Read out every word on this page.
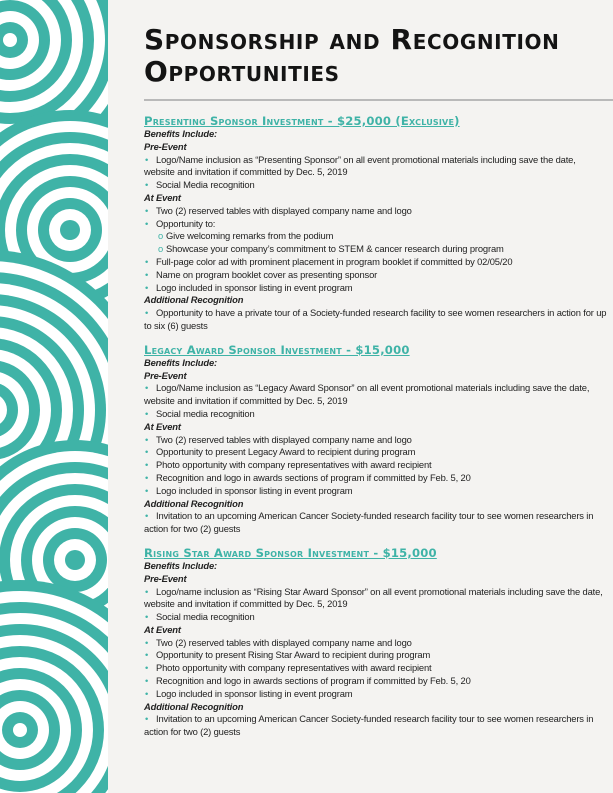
Sponsorship and Recognition Opportunities
Presenting Sponsor Investment - $25,000 (Exclusive)
Benefits Include:
Pre-Event
• Logo/Name inclusion as “Presenting Sponsor” on all event promotional materials including save the date, website and invitation if committed by Dec. 5, 2019
• Social Media recognition
At Event
• Two (2) reserved tables with displayed company name and logo
• Opportunity to:
o Give welcoming remarks from the podium
o Showcase your company’s commitment to STEM & cancer research during program
• Full-page color ad with prominent placement in program booklet if committed by 02/05/20
• Name on program booklet cover as presenting sponsor
• Logo included in sponsor listing in event program
Additional Recognition
• Opportunity to have a private tour of a Society-funded research facility to see women researchers in action for up to six (6) guests
Legacy Award Sponsor Investment - $15,000
Benefits Include:
Pre-Event
• Logo/Name inclusion as “Legacy Award Sponsor” on all event promotional materials including save the date, website and invitation if committed by Dec. 5, 2019
• Social media recognition
At Event
• Two (2) reserved tables with displayed company name and logo
• Opportunity to present Legacy Award to recipient during program
• Photo opportunity with company representatives with award recipient
• Recognition and logo in awards sections of program if committed by Feb. 5, 20
• Logo included in sponsor listing in event program
Additional Recognition
• Invitation to an upcoming American Cancer Society-funded research facility tour to see women researchers in action for two (2) guests
Rising Star Award Sponsor Investment - $15,000
Benefits Include:
Pre-Event
• Logo/name inclusion as “Rising Star Award Sponsor” on all event promotional materials including save the date, website and invitation if committed by Dec. 5, 2019
• Social media recognition
At Event
• Two (2) reserved tables with displayed company name and logo
• Opportunity to present Rising Star Award to recipient during program
• Photo opportunity with company representatives with award recipient
• Recognition and logo in awards sections of program if committed by Feb. 5, 20
• Logo included in sponsor listing in event program
Additional Recognition
• Invitation to an upcoming American Cancer Society-funded research facility tour to see women researchers in action for two (2) guests
